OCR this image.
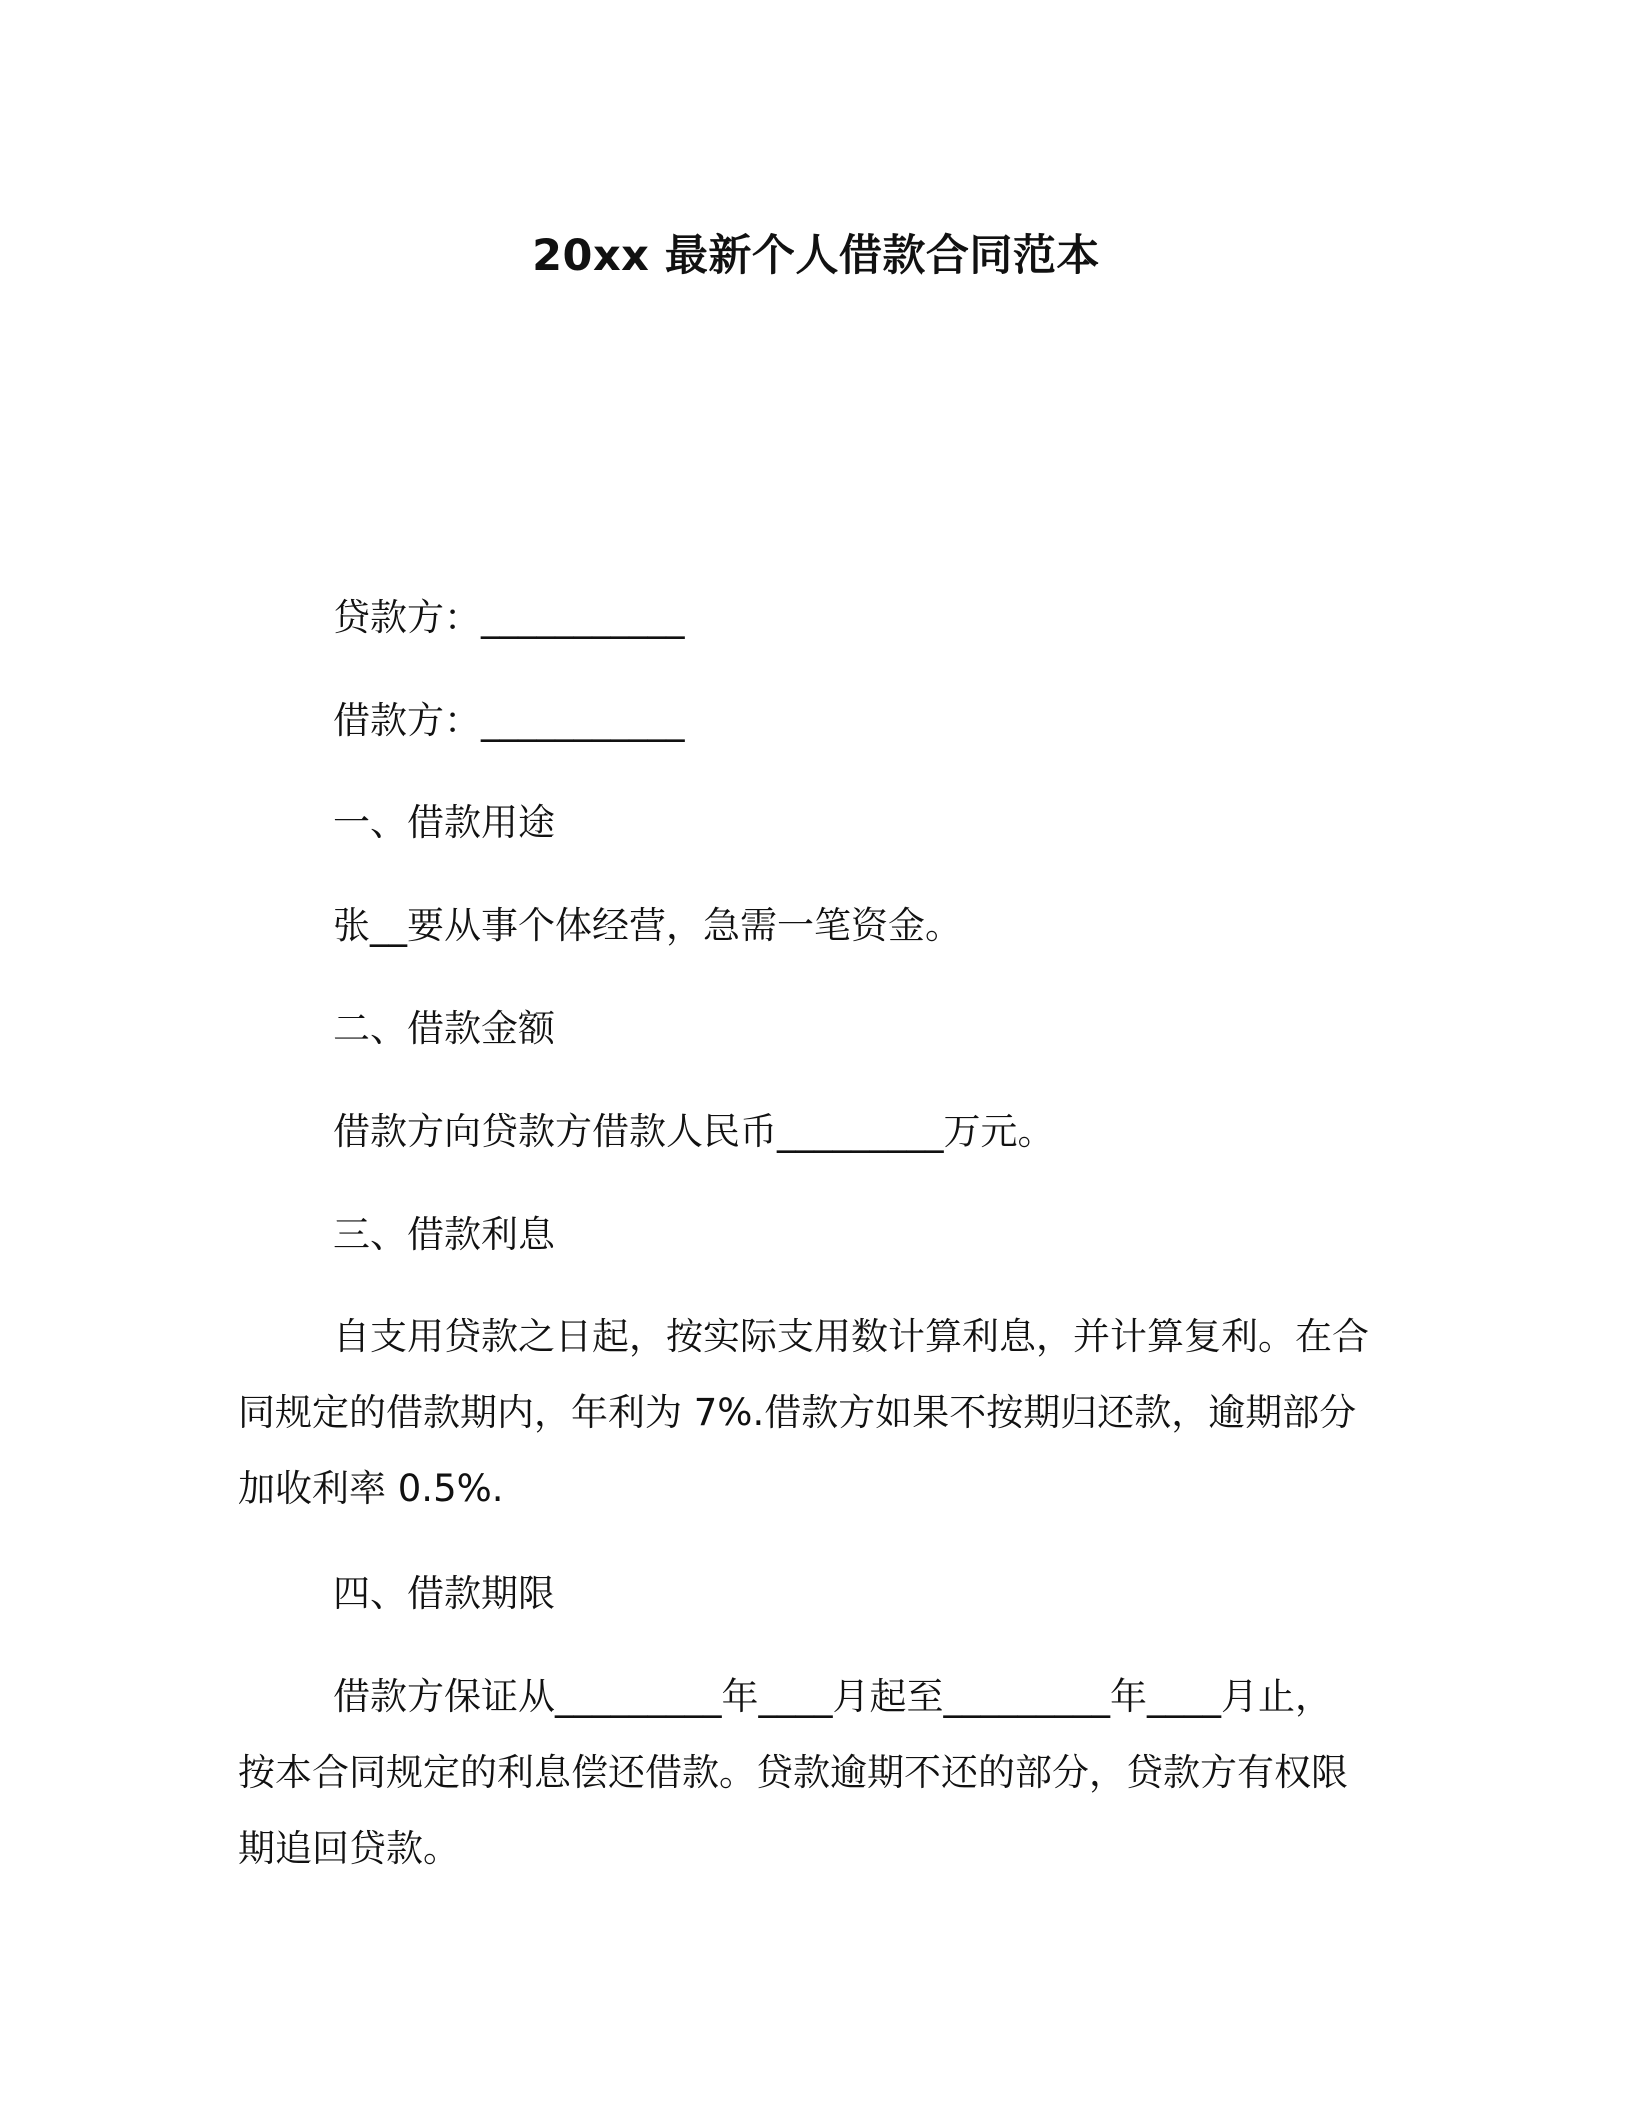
20xx 最新个人借款合同范本
贷款方：___________
借款方：___________
一、借款用途
张__要从事个体经营，急需一笔资金。
二、借款金额
借款方向贷款方借款人民币_________万元。
三、借款利息
自支用贷款之日起，按实际支用数计算利息，并计算复利。在合
同规定的借款期内，年利为 7%.借款方如果不按期归还款，逾期部分
加收利率 0.5%.
四、借款期限
借款方保证从_________年____月起至_________年____月止，
按本合同规定的利息偿还借款。贷款逾期不还的部分，贷款方有权限
期追回贷款。
